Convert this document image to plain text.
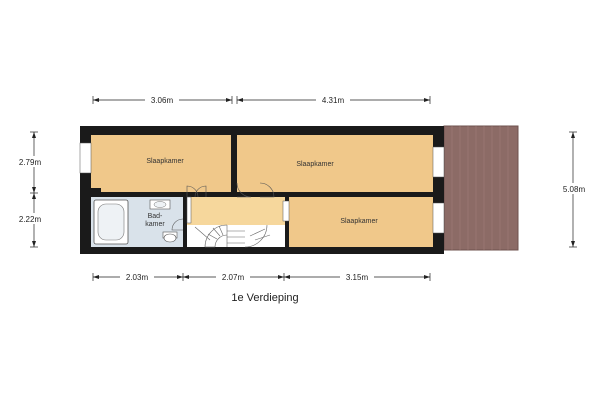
Slaapkamer	Slaapkamer
Slaapkamer
Bad-
kamer
3.06m	4.31m
2.79m
2.22m
2.03m	2.07m	3.15m
5.08m
1e Verdieping
